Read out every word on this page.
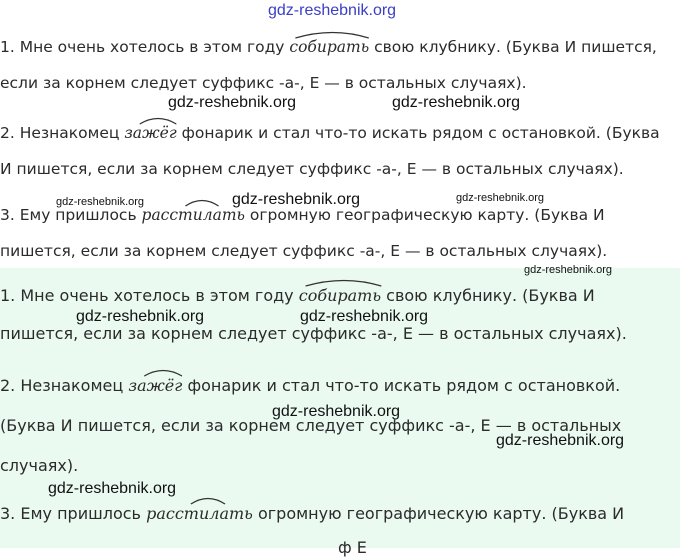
1. Мне очень хотелось в этом году
собирать свою клубнику. (Буква И пишется,
если за корнем следует суффикс -а-, Е — в остальных случаях).
2. Незнакомец
зажёг фонарик и стал что-то искать рядом с остановкой. (Буква
И пишется, если за корнем следует суффикс -а-, Е — в остальных случаях).
3. Ему пришлось
расстилать огромную географическую карту. (Буква И
пишется, если за корнем следует суффикс -а-, Е — в остальных случаях).
1. Мне очень хотелось в этом году
собирать свою клубнику. (Буква И
пишется, если за корнем следует суффикс -а-, Е — в остальных случаях).
2. Незнакомец
зажёг фонарик и стал что-то искать рядом с остановкой.
(Буква И пишется, если за корнем следует суффикс -а-, Е — в остальных
случаях).
3. Ему пришлось
расстилать огромную географическую карту. (Буква И
ф Е
gdz-reshebnik.org
gdz-reshebnik.org	gdz-reshebnik.org
gdz-reshebnik.org	gdz-reshebnik.org	gdz-reshebnik.org
gdz-reshebnik.org
gdz-reshebnik.org	gdz-reshebnik.org
gdz-reshebnik.org
gdz-reshebnik.org
gdz-reshebnik.org
